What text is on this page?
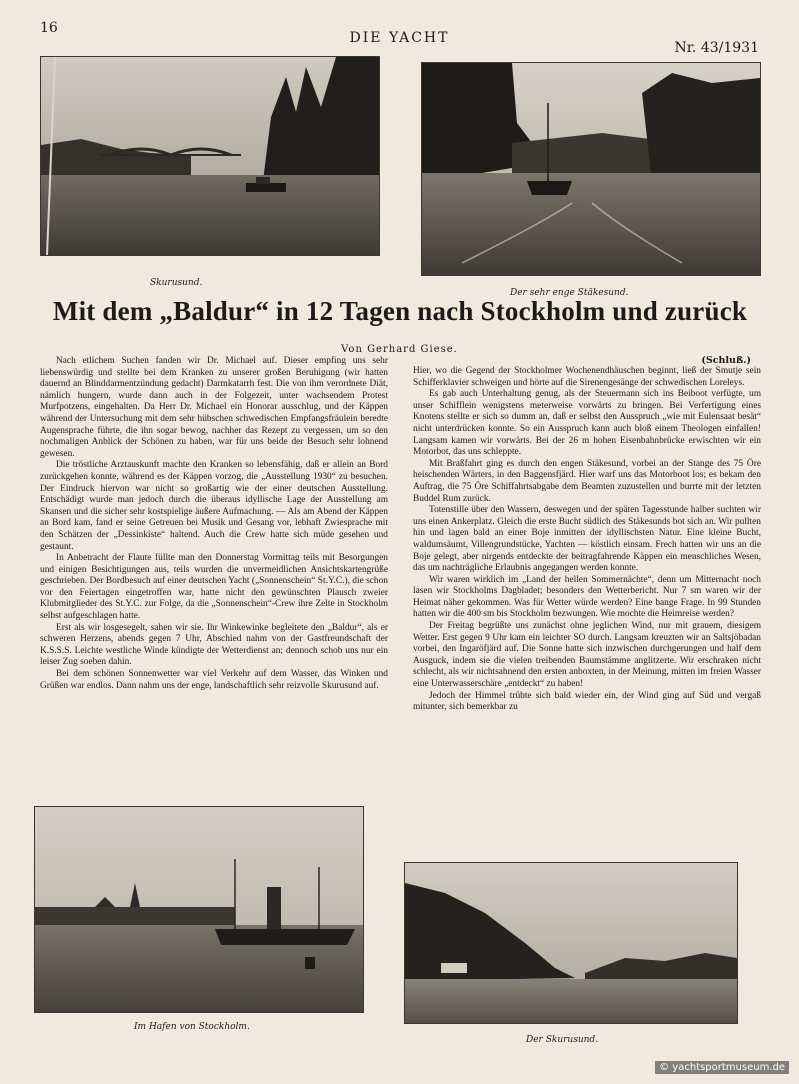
16
DIE YACHT
Nr. 43/1931
Skurusund.
Der sehr enge Stäkesund.
Mit dem „Baldur“ in 12 Tagen nach Stockholm und zurück
Von Gerhard Giese.
(Schluß.)

Nach etlichem Suchen fanden wir Dr. Michael auf. Dieser empfing uns sehr liebenswürdig und stellte bei dem Kranken zu unserer großen Beruhigung (wir hatten dauernd an Blinddarmentzündung gedacht) Darmkatarrh fest. Die von ihm verordnete Diät, nämlich hungern, wurde dann auch in der Folgezeit, unter wachsendem Protest Murfpotzens, eingehalten. Da Herr Dr. Michael ein Honorar ausschlug, und der Käppen während der Untersuchung mit dem sehr hübschen schwedischen Empfangsfräulein beredte Augensprache führte, die ihn sogar bewog, nachher das Rezept zu vergessen, um so den nochmaligen Anblick der Schönen zu haben, war für uns beide der Besuch sehr lohnend gewesen.

Die tröstliche Arztauskunft machte den Kranken so lebensfähig, daß er allein an Bord zurückgehen konnte, während es der Käppen vorzog, die „Ausstellung 1930“ zu besuchen. Der Eindruck hiervon war nicht so großartig wie der einer deutschen Ausstellung. Entschädigt wurde man jedoch durch die überaus idyllische Lage der Ausstellung am Skansen und die sicher sehr kostspielige äußere Aufmachung. — Als am Abend der Käppen an Bord kam, fand er seine Getreuen bei Musik und Gesang vor, lebhaft Zwiesprache mit den Schätzen der „Dessinkiste“ haltend. Auch die Crew hatte sich müde gesehen und gestaunt.

In Anbetracht der Flaute füllte man den Donnerstag Vormittag teils mit Besorgungen und einigen Besichtigungen aus, teils wurden die unvermeidlichen Ansichtskartengrüße geschrieben. Der Bordbesuch auf einer deutschen Yacht („Sonnenschein“ St.Y.C.), die schon vor den Feiertagen eingetroffen war, hatte nicht den gewünschten Plausch zweier Klubmitglieder des St.Y.C. zur Folge, da die „Sonnenschein“-Crew ihre Zelte in Stockholm selbst aufgeschlagen hatte.

Erst als wir losgesegelt, sahen wir sie. Ihr Winkewinke begleitete den „Baldur“, als er schweren Herzens, abends gegen 7 Uhr, Abschied nahm von der Gastfreundschaft der K.S.S.S. Leichte westliche Winde kündigte der Wetterdienst an; dennoch schob uns nur ein leiser Zug soeben dahin.

Bei dem schönen Sonnenwetter war viel Verkehr auf dem Wasser, das Winken und Grüßen war endlos. Dann nahm uns der enge, landschaftlich sehr reizvolle Skurusund auf.

Hier, wo die Gegend der Stockholmer Wochenendhäuschen beginnt, ließ der Smutje sein Schifferklavier schweigen und hörte auf die Sirenengesänge der schwedischen Loreleys.

Es gab auch Unterhaltung genug, als der Steuermann sich ins Beiboot verfügte, um unser Schifflein wenigstens meterweise vorwärts zu bringen. Bei Verfertigung eines Knotens stellte er sich so dumm an, daß er selbst den Ausspruch „wie mit Eulensaat besät“ nicht unterdrücken konnte. So ein Ausspruch kann auch bloß einem Theologen einfallen! Langsam kamen wir vorwärts. Bei der 26 m hohen Eisenbahnbrücke erwischten wir ein Motorbot, das uns schleppte.

Mit Braßfahrt ging es durch den engen Stäkesund, vorbei an der Stange des 75 Öre heischenden Wärters, in den Baggensfjärd. Hier warf uns das Motorboot los; es bekam den Auftrag, die 75 Öre Schiffahrtsabgabe dem Beamten zuzustellen und burrte mit der letzten Buddel Rum zurück.

Totenstille über den Wassern, deswegen und der späten Tagesstunde halber suchten wir uns einen Ankerplatz. Gleich die erste Bucht südlich des Stäkesunds bot sich an. Wir pullten hin und lagen bald an einer Boje inmitten der idyllischsten Natur. Eine kleine Bucht, waldumsäumt, Villengrundstücke, Yachten — köstlich einsam. Frech hatten wir uns an die Boje gelegt, aber nirgends entdeckte der beitragfahrende Käppen ein menschliches Wesen, das um nachträgliche Erlaubnis angegangen werden konnte.

Wir waren wirklich im „Land der hellen Sommernächte“, denn um Mitternacht noch lasen wir Stockholms Dagbladet; besonders den Wetterbericht. Nur 7 sm waren wir der Heimat näher gekommen. Was für Wetter würde werden? Eine bange Frage. In 99 Stunden hatten wir die 400 sm bis Stockholm bezwungen. Wie mochte die Heimreise werden?

Der Freitag begrüßte uns zunächst ohne jeglichen Wind, nur mit grauem, diesigem Wetter. Erst gegen 9 Uhr kam ein leichter SO durch. Langsam kreuzten wir an Saltsjöbadan vorbei, den Ingaröfjärd auf. Die Sonne hatte sich inzwischen durchgerungen und half dem Ausguck, indem sie die vielen treibenden Baumstämme anglitzerte. Wir erschraken nicht schlecht, als wir nichtsahnend den ersten anboxten, in der Meinung, mitten im freien Wasser eine Unterwasserschäre „entdeckt“ zu haben!

Jedoch der Himmel trübte sich bald wieder ein, der Wind ging auf Süd und vergaß mitunter, sich bemerkbar zu

Im Hafen von Stockholm.
Der Skurusund.
© yachtsportmuseum.de
